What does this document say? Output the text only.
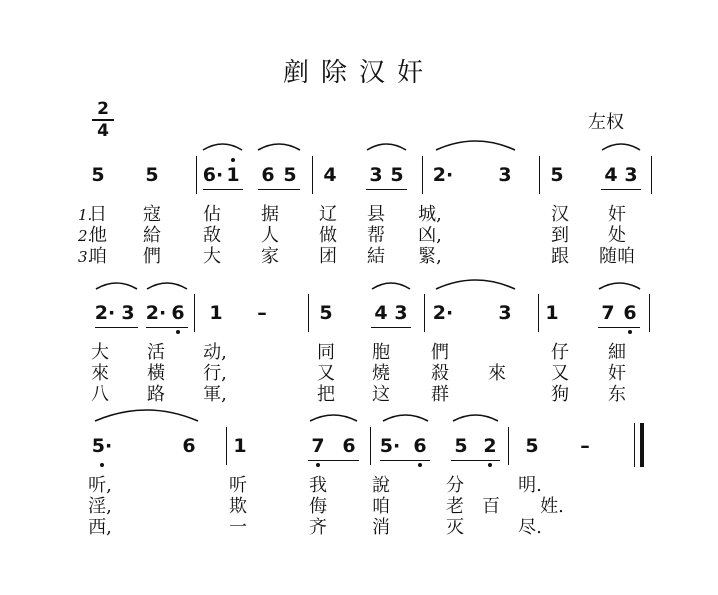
剷除汉奸
2
4	左权
5 5 6· 1 6 5 4 3 5 2· 3 5 4 3
日 寇 佔 据 辽 县 城,	汉 奸
1.
他 給 敌 人 做 帮 凶,	到 处
2.
咱 們 大 家 团 結 緊,	跟 随咱
3.
2· 3 2· 6 1 –	5 4 3 2· 3 1 7 6
大 活 动,	同 胞 們	仔 細
來 橫 行,	又 燒 殺 來	又 奸
八 路 軍,	把 这 群	狗 东
5·	6 1	7 6 5· 6 5 2 5 –
听,	听	我	說	分	明.
淫,	欺	侮	咱	老 百 姓.
西,	一	齐	消	灭	尽.
